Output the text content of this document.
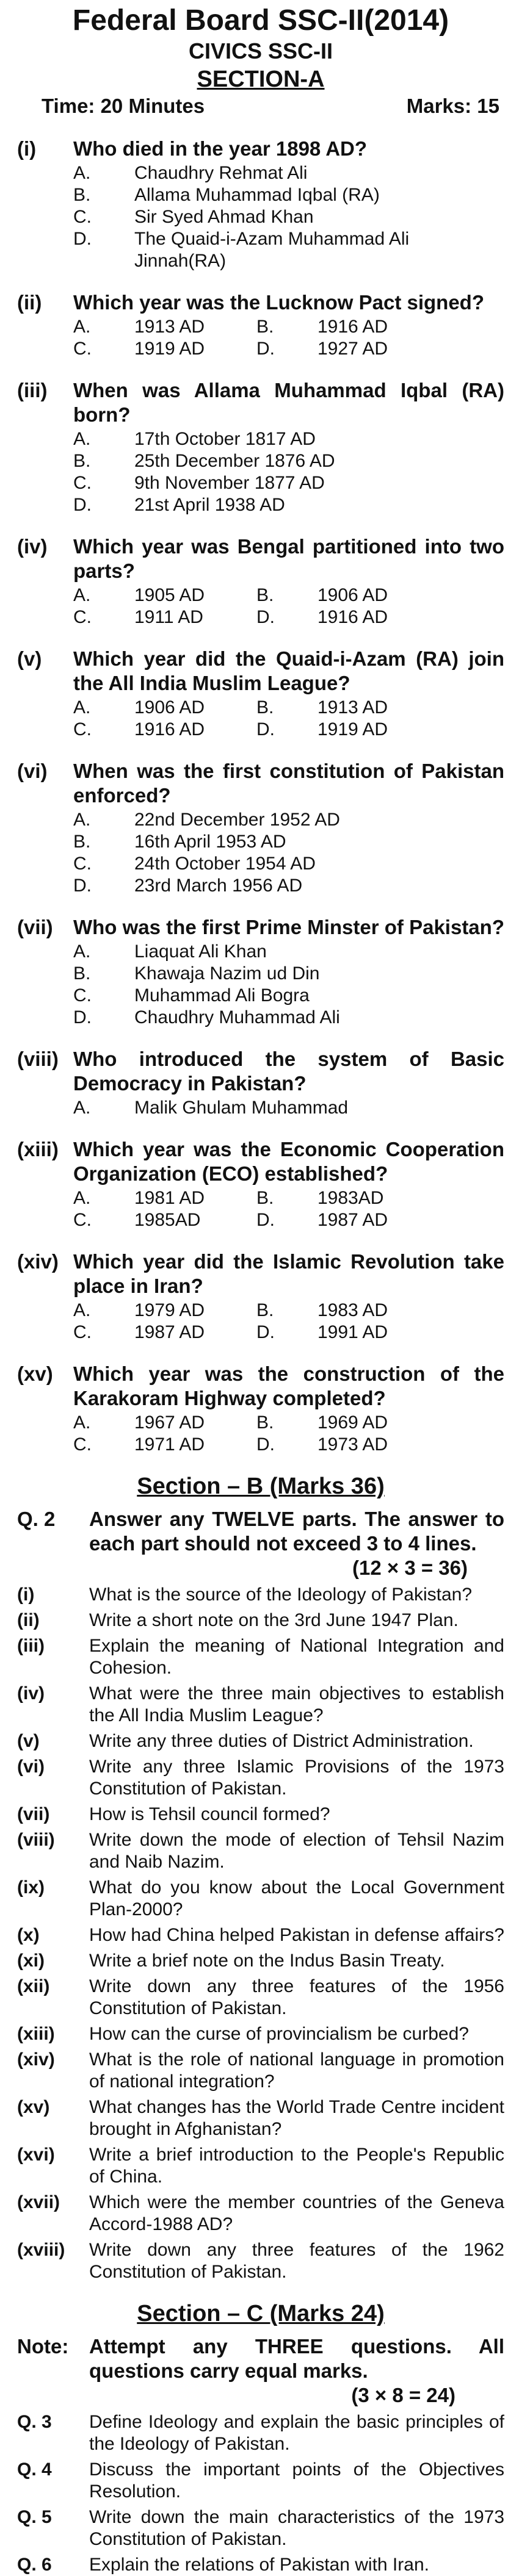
Federal Board SSC-II(2014)
CIVICS SSC-II
SECTION-A
Time: 20 Minutes	Marks: 15
(i)	Who died in the year 1898 AD?
A.	Chaudhry Rehmat Ali
B.	Allama Muhammad Iqbal (RA)
C.	Sir Syed Ahmad Khan
D.	The Quaid-i-Azam Muhammad Ali Jinnah(RA)
(ii)	Which year was the Lucknow Pact signed?
A.	1913 AD	B.	1916 AD
C.	1919 AD	D.	1927 AD
(iii)	When was Allama Muhammad Iqbal (RA) born?
A.	17th October 1817 AD
B.	25th December 1876 AD
C.	9th November 1877 AD
D.	21st April 1938 AD
(iv)	Which year was Bengal partitioned into two parts?
A.	1905 AD	B.	1906 AD
C.	1911 AD	D.	1916 AD
(v)	Which year did the Quaid-i-Azam (RA) join the All India Muslim League?
A.	1906 AD	B.	1913 AD
C.	1916 AD	D.	1919 AD
(vi)	When was the first constitution of Pakistan enforced?
A.	22nd December 1952 AD
B.	16th April 1953 AD
C.	24th October 1954 AD
D.	23rd March 1956 AD
(vii)	Who was the first Prime Minster of Pakistan?
A.	Liaquat Ali Khan
B.	Khawaja Nazim ud Din
C.	Muhammad Ali Bogra
D.	Chaudhry Muhammad Ali
(viii) Who introduced the system of Basic Democracy in Pakistan?
A.	Malik Ghulam Muhammad
(xiii) Which year was the Economic Cooperation Organization (ECO) established?
A.	1981 AD	B.	1983AD
C.	1985AD	D.	1987 AD
(xiv) Which year did the Islamic Revolution take place in Iran?
A.	1979 AD	B.	1983 AD
C.	1987 AD	D.	1991 AD
(xv)	Which year was the construction of the Karakoram Highway completed?
A.	1967 AD	B.	1969 AD
C.	1971 AD	D.	1973 AD
Section – B (Marks 36)
Q. 2	Answer any TWELVE parts. The answer to each part should not exceed 3 to 4 lines.
(12 × 3 = 36)
(i)	What is the source of the Ideology of Pakistan?
(ii)	Write a short note on the 3rd June 1947 Plan.
(iii)	Explain the meaning of National Integration and Cohesion.
(iv)	What were the three main objectives to establish the All India Muslim League?
(v)	Write any three duties of District Administration.
(vi)	Write any three Islamic Provisions of the 1973 Constitution of Pakistan.
(vii)	How is Tehsil council formed?
(viii)	Write down the mode of election of Tehsil Nazim and Naib Nazim.
(ix)	What do you know about the Local Government Plan-2000?
(x)	How had China helped Pakistan in defense affairs?
(xi)	Write a brief note on the Indus Basin Treaty.
(xii)	Write down any three features of the 1956 Constitution of Pakistan.
(xiii)	How can the curse of provincialism be curbed?
(xiv)	What is the role of national language in promotion of national integration?
(xv)	What changes has the World Trade Centre incident brought in Afghanistan?
(xvi)	Write a brief introduction to the People's Republic of China.
(xvii)	Which were the member countries of the Geneva Accord-1988 AD?
(xviii)	Write down any three features of the 1962 Constitution of Pakistan.
Section – C (Marks 24)
Note:	Attempt any THREE questions. All questions carry equal marks.
(3 × 8 = 24)
Q. 3	Define Ideology and explain the basic principles of the Ideology of Pakistan.
Q. 4	Discuss the important points of the Objectives Resolution.
Q. 5	Write down the main characteristics of the 1973 Constitution of Pakistan.
Q. 6	Explain the relations of Pakistan with Iran.
